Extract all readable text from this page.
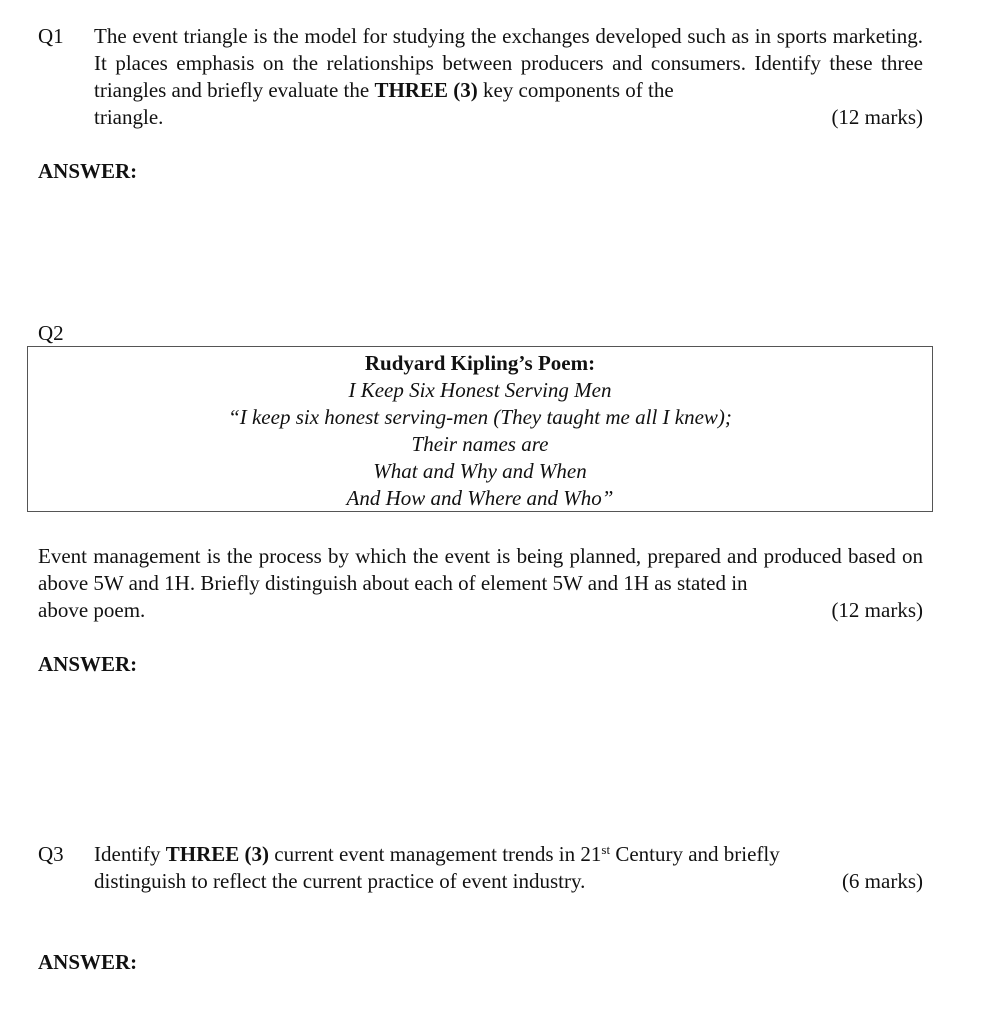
Q1 The event triangle is the model for studying the exchanges developed such as in sports marketing. It places emphasis on the relationships between producers and consumers. Identify these three triangles and briefly evaluate the THREE (3) key components of the
triangle.	(12 marks)
ANSWER:
Q2
Rudyard Kipling’s Poem:
I Keep Six Honest Serving Men
“I keep six honest serving-men (They taught me all I knew);
Their names are
What and Why and When
And How and Where and Who”
Event management is the process by which the event is being planned, prepared and produced based on above 5W and 1H. Briefly distinguish about each of element 5W and 1H as stated in
above poem.	(12 marks)
ANSWER:
Q3 Identify THREE (3) current event management trends in 21st Century and briefly
distinguish to reflect the current practice of event industry.	(6 marks)
ANSWER:
